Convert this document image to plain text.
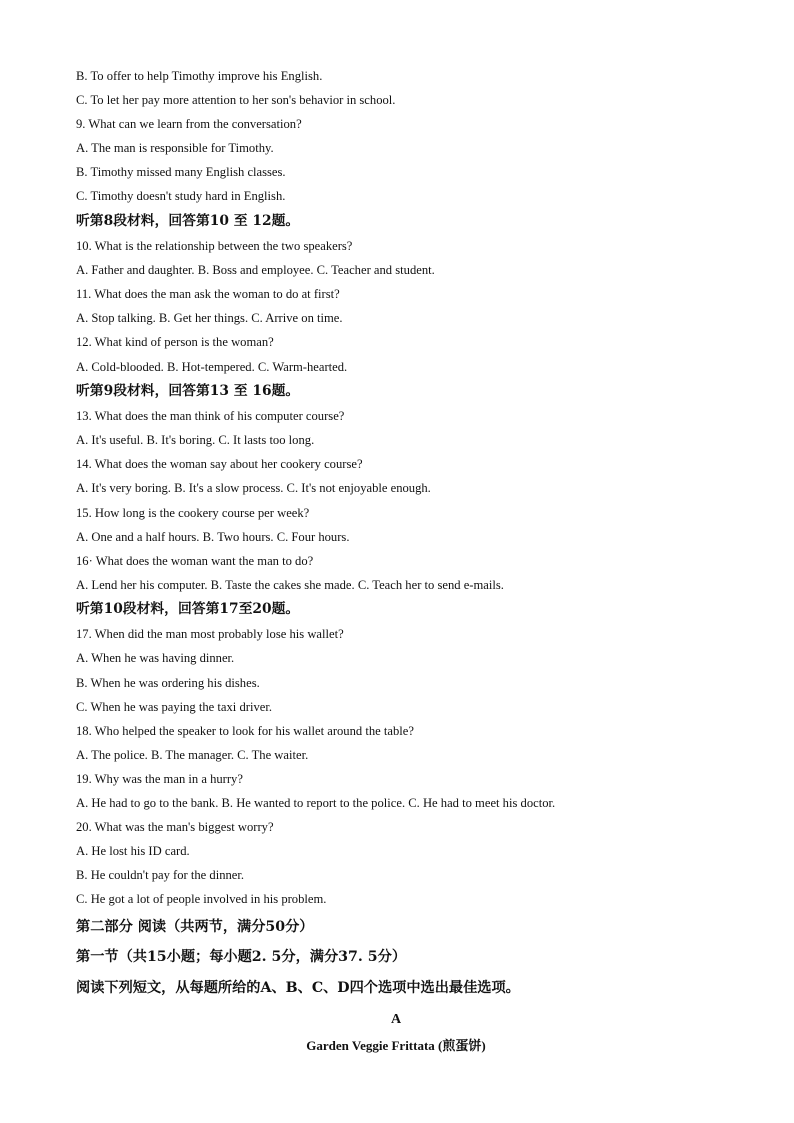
B. To offer to help Timothy improve his English.
C. To let her pay more attention to her son's behavior in school.
9. What can we learn from the conversation?
A. The man is responsible for Timothy.
B. Timothy missed many English classes.
C. Timothy doesn't study hard in English.
听第8段材料，回答第10 至 12题。
10. What is the relationship between the two speakers?
A. Father and daughter. B. Boss and employee. C. Teacher and student.
11. What does the man ask the woman to do at first?
A. Stop talking. B. Get her things. C. Arrive on time.
12. What kind of person is the woman?
A. Cold-blooded. B. Hot-tempered. C. Warm-hearted.
听第9段材料，回答第13 至 16题。
13. What does the man think of his computer course?
A. It's useful. B. It's boring. C. It lasts too long.
14. What does the woman say about her cookery course?
A. It's very boring. B. It's a slow process. C. It's not enjoyable enough.
15. How long is the cookery course per week?
A. One and a half hours. B. Two hours. C. Four hours.
16· What does the woman want the man to do?
A. Lend her his computer. B. Taste the cakes she made. C. Teach her to send e-mails.
听第10段材料，回答第17至20题。
17. When did the man most probably lose his wallet?
A. When he was having dinner.
B. When he was ordering his dishes.
C. When he was paying the taxi driver.
18. Who helped the speaker to look for his wallet around the table?
A. The police. B. The manager. C. The waiter.
19. Why was the man in a hurry?
A. He had to go to the bank. B. He wanted to report to the police. C. He had to meet his doctor.
20. What was the man's biggest worry?
A. He lost his ID card.
B. He couldn't pay for the dinner.
C. He got a lot of people involved in his problem.
第二部分 阅读（共两节，满分50分）
第一节（共15小题；每小题2. 5分，满分37. 5分）
阅读下列短文，从每题所给的A、B、C、D四个选项中选出最佳选项。
A
Garden Veggie Frittata (煎蛋饼)
